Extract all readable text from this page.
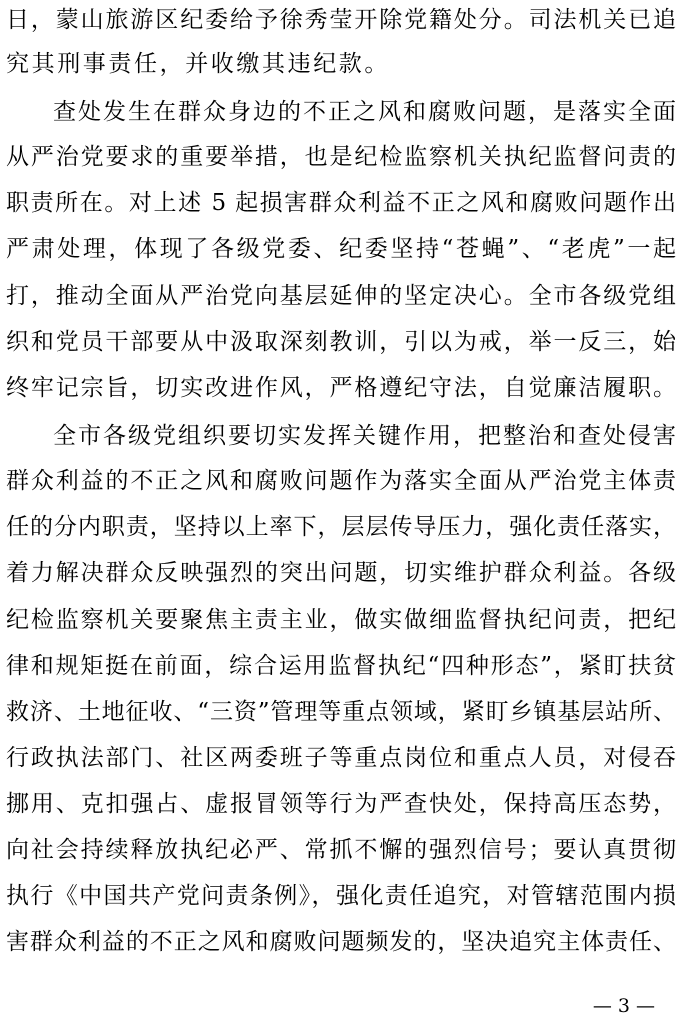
日，蒙山旅游区纪委给予徐秀莹开除党籍处分。司法机关已追
究其刑事责任，并收缴其违纪款。
查处发生在群众身边的不正之风和腐败问题，是落实全面
从严治党要求的重要举措，也是纪检监察机关执纪监督问责的
职责所在。对上述 5 起损害群众利益不正之风和腐败问题作出
严肃处理，体现了各级党委、纪委坚持“苍蝇”、“老虎”一起
打，推动全面从严治党向基层延伸的坚定决心。全市各级党组
织和党员干部要从中汲取深刻教训，引以为戒，举一反三，始
终牢记宗旨，切实改进作风，严格遵纪守法，自觉廉洁履职。
全市各级党组织要切实发挥关键作用，把整治和查处侵害
群众利益的不正之风和腐败问题作为落实全面从严治党主体责
任的分内职责，坚持以上率下，层层传导压力，强化责任落实，
着力解决群众反映强烈的突出问题，切实维护群众利益。各级
纪检监察机关要聚焦主责主业，做实做细监督执纪问责，把纪
律和规矩挺在前面，综合运用监督执纪“四种形态”，紧盯扶贫
救济、土地征收、“三资”管理等重点领域，紧盯乡镇基层站所、
行政执法部门、社区两委班子等重点岗位和重点人员，对侵吞
挪用、克扣强占、虚报冒领等行为严查快处，保持高压态势，
向社会持续释放执纪必严、常抓不懈的强烈信号；要认真贯彻
执行《中国共产党问责条例》，强化责任追究，对管辖范围内损
害群众利益的不正之风和腐败问题频发的，坚决追究主体责任、
— 3 —
